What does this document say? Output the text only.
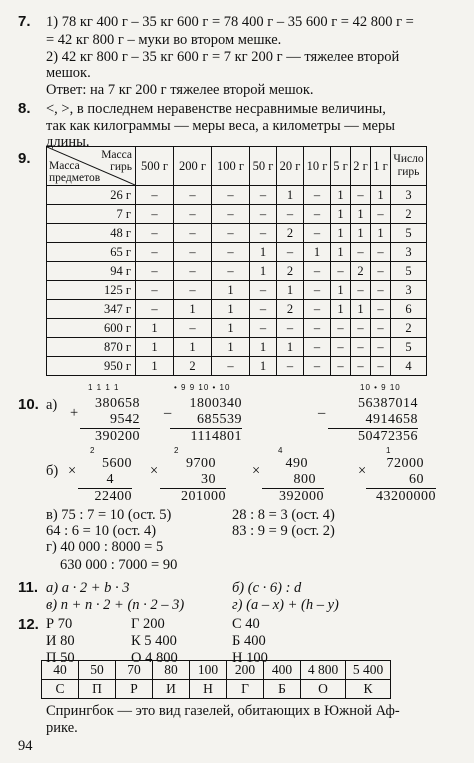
7. 1) 78 кг 400 г – 35 кг 600 г = 78 400 г – 35 600 г = 42 800 г =
= 42 кг 800 г – муки во втором мешке.
2) 42 кг 800 г – 35 кг 600 г = 7 кг 200 г — тяжелее второй
мешок.
Ответ: на 7 кг 200 г тяжелее второй мешок.
8. <, >, в последнем неравенстве несравнимые величины,
так как килограммы — меры веса, а километры — меры
длины.
9.	Масса
гирь
Масса
предметов	500 г	200 г	100 г	50 г	20 г	10 г	5 г	2 г	1 г	Число
гирь
26 г	–	–	–	–	1	–	1	–	1	3
7 г	–	–	–	–	–	–	1	1	–	2
48 г	–	–	–	–	2	–	1	1	1	5
65 г	–	–	–	1	–	1	1	–	–	3
94 г	–	–	–	1	2	–	–	2	–	5
125 г	–	–	1	–	1	–	1	–	–	3
347 г	–	1	1	–	2	–	1	1	–	6
600 г	1	–	1	–	–	–	–	–	–	2
870 г	1	1	1	1	1	–	–	–	–	5
950 г	1	2	–	1	–	–	–	–	–	4
10. а)
1 1 1 1
+
380658
9542
390200
• 9 9 10 • 10
–
1800340
685539
1114801
10 • 9 10
–
56387014
4914658
50472356
б)
2
×	5600
4
22400
2
×	9700
30
201000
4
×	490
800
392000
1
×	72000
60
43200000
в) 75 : 7 = 10 (ост. 5)	28 : 8 = 3 (ост. 4)
64 : 6 = 10 (ост. 4)	83 : 9 = 9 (ост. 2)
г) 40 000 : 8000 = 5
630 000 : 7000 = 90
11. а) a · 2 + b · 3	б) (c · 6) : d
в) n + n · 2 + (n · 2 – 3)	г) (a – x) + (h – y)
12. Р 70
И 80
П 50
Г 200
К 5 400
О 4 800
С 40
Б 400
Н 100
40	50	70	80	100	200	400	4 800	5 400
С	П	Р	И	Н	Г	Б	О	К
Спрингбок — это вид газелей, обитающих в Южной Аф-
рике.
94
